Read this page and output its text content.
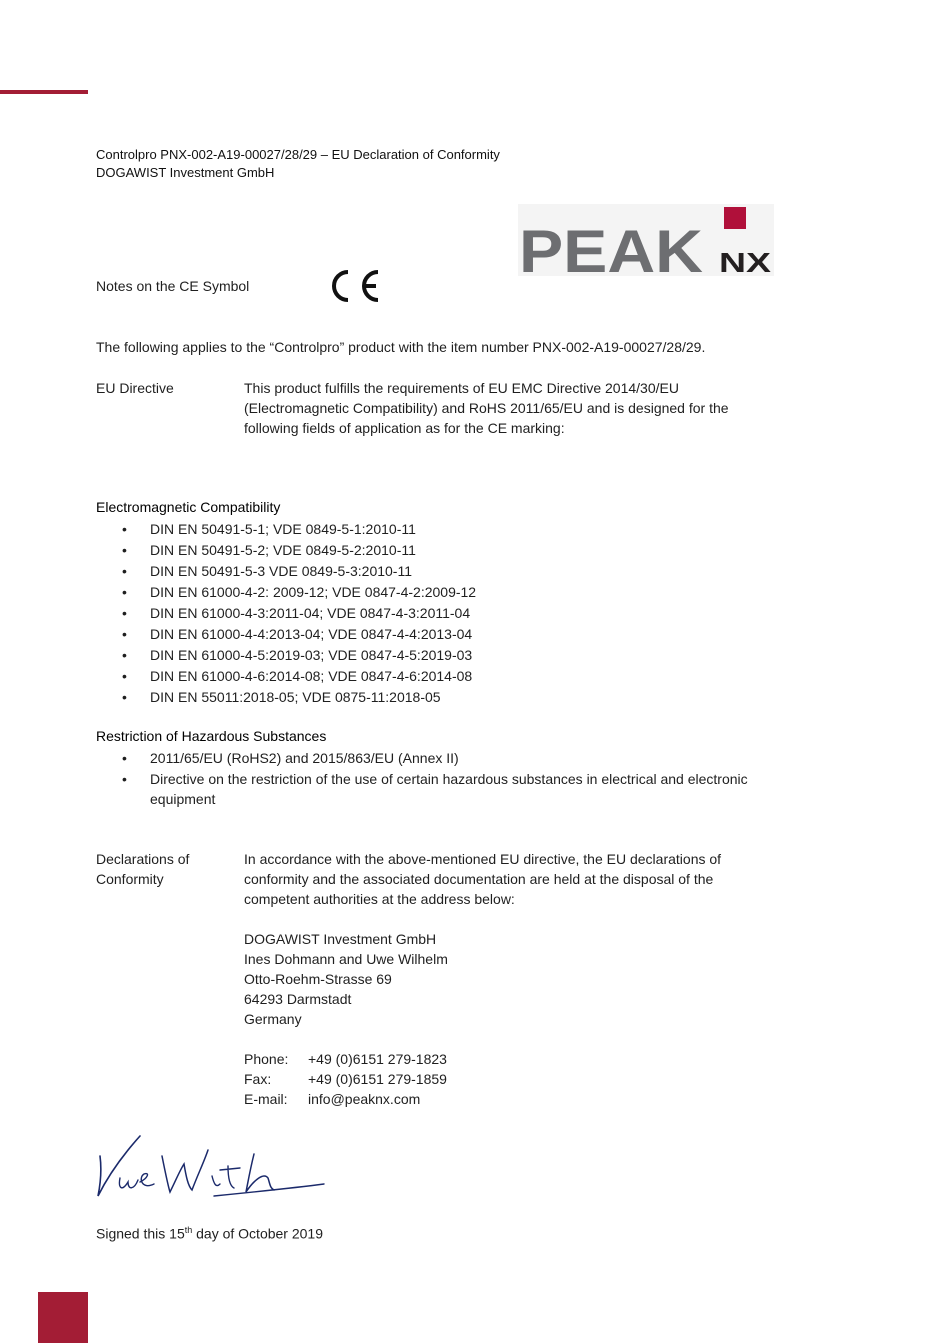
Controlpro PNX-002-A19-00027/28/29 – EU Declaration of Conformity
DOGAWIST Investment GmbH
PEAK NX
Notes on the CE Symbol
The following applies to the “Controlpro” product with the item number PNX-002-A19-00027/28/29.
EU Directive	This product fulfills the requirements of EU EMC Directive 2014/30/EU (Electromagnetic Compatibility) and RoHS 2011/65/EU and is designed for the following fields of application as for the CE marking:
Electromagnetic Compatibility
• DIN EN 50491-5-1; VDE 0849-5-1:2010-11
• DIN EN 50491-5-2; VDE 0849-5-2:2010-11
• DIN EN 50491-5-3 VDE 0849-5-3:2010-11
• DIN EN 61000-4-2: 2009-12; VDE 0847-4-2:2009-12
• DIN EN 61000-4-3:2011-04; VDE 0847-4-3:2011-04
• DIN EN 61000-4-4:2013-04; VDE 0847-4-4:2013-04
• DIN EN 61000-4-5:2019-03; VDE 0847-4-5:2019-03
• DIN EN 61000-4-6:2014-08; VDE 0847-4-6:2014-08
• DIN EN 55011:2018-05; VDE 0875-11:2018-05
Restriction of Hazardous Substances
• 2011/65/EU (RoHS2) and 2015/863/EU (Annex II)
• Directive on the restriction of the use of certain hazardous substances in electrical and electronic equipment
Declarations of
Conformity
In accordance with the above-mentioned EU directive, the EU declarations of conformity and the associated documentation are held at the disposal of the competent authorities at the address below:
DOGAWIST Investment GmbH
Ines Dohmann and Uwe Wilhelm
Otto-Roehm-Strasse 69
64293 Darmstadt
Germany
Phone:	+49 (0)6151 279-1823
Fax:	+49 (0)6151 279-1859
E-mail:	info@peaknx.com
Signed this 15th day of October 2019
